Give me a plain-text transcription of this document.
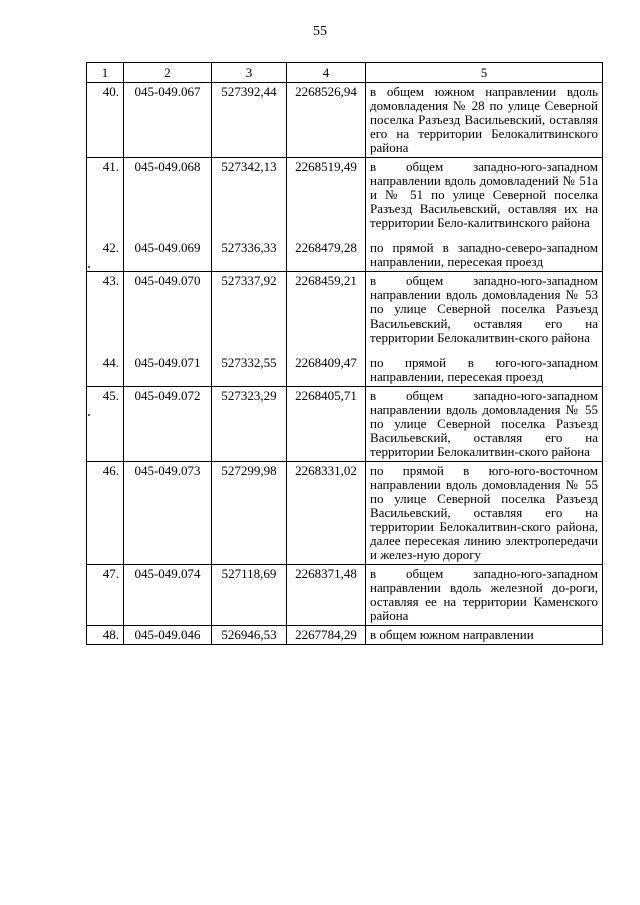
55
1	2	3	4	5
40.	045-049.067	527392,44	2268526,94	в общем южном направлении вдоль домовладения № 28 по улице Северной поселка Разъезд Васильевский, оставляя его на территории Белокалитвинского района
41.	045-049.068	527342,13	2268519,49	в общем западно-юго-западном направлении вдоль домовладений № 51а и № 51 по улице Северной поселка Разъезд Васильевский, оставляя их на территории Бело-калитвинского района
42.	045-049.069	527336,33	2268479,28	по прямой в западно-северо-западном направлении, пересекая проезд
43.	045-049.070	527337,92	2268459,21	в общем западно-юго-западном направлении вдоль домовладения № 53 по улице Северной поселка Разъезд Васильевский, оставляя его на территории Белокалитвин-ского района
44.	045-049.071	527332,55	2268409,47	по прямой в юго-юго-западном направлении, пересекая проезд
45.	045-049.072	527323,29	2268405,71	в общем западно-юго-западном направлении вдоль домовладения № 55 по улице Северной поселка Разъезд Васильевский, оставляя его на территории Белокалитвин-ского района
46.	045-049.073	527299,98	2268331,02	по прямой в юго-юго-восточном направлении вдоль домовладения № 55 по улице Северной поселка Разъезд Васильевский, оставляя его на территории Белокалитвин-ского района, далее пересекая линию электропередачи и желез-ную дорогу
47.	045-049.074	527118,69	2268371,48	в общем западно-юго-западном направлении вдоль железной до-роги, оставляя ее на территории Каменского района
48.	045-049.046	526946,53	2267784,29	в общем южном направлении
